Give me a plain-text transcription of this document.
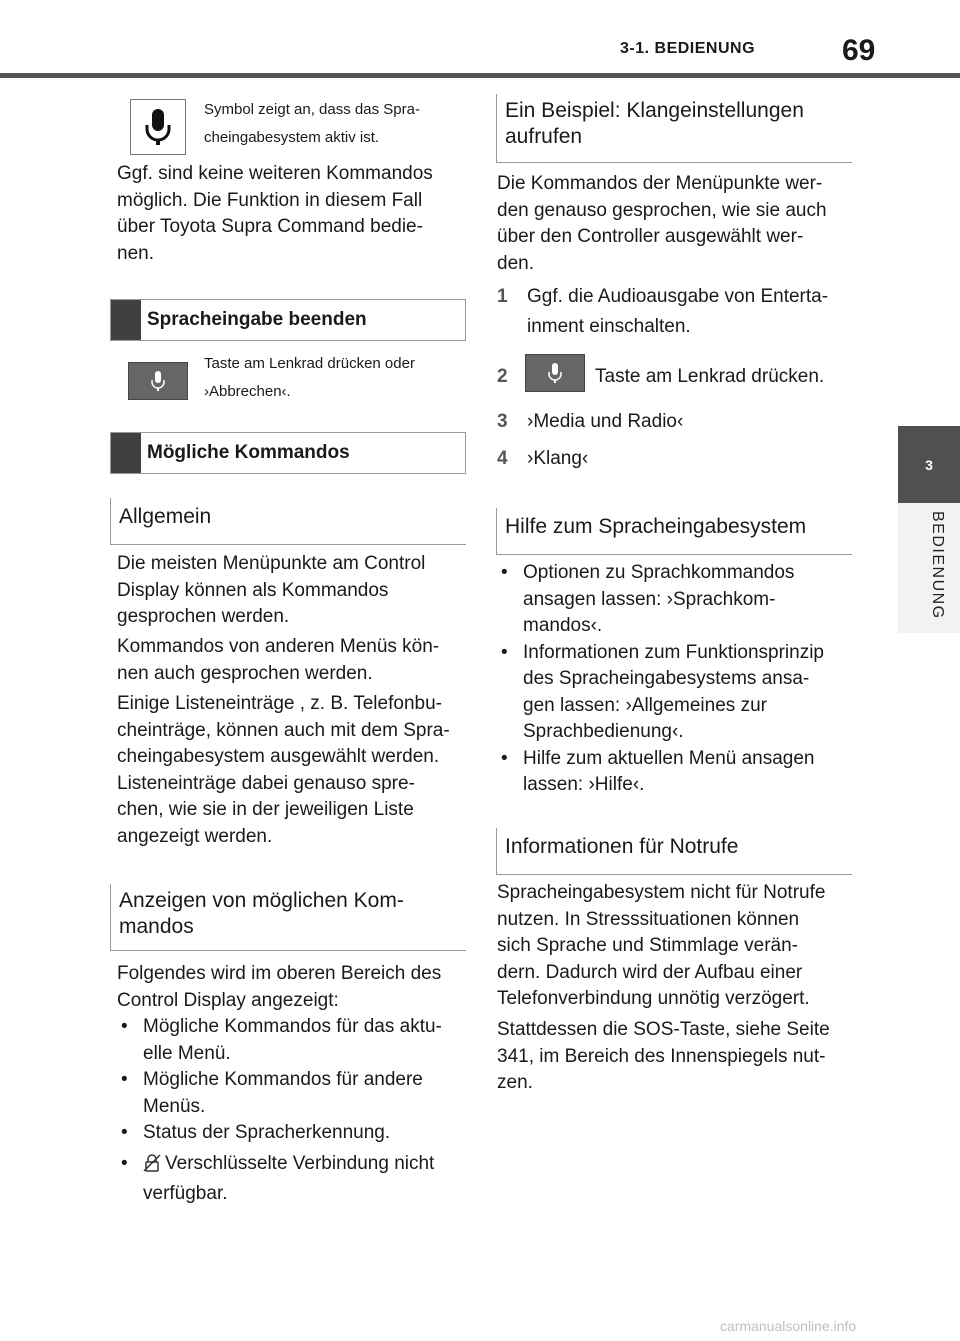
3-1. BEDIENUNG	69
3
BEDIENUNG
Symbol zeigt an, dass das Spra-
cheingabesystem aktiv ist.
Ggf. sind keine weiteren Kommandos
möglich. Die Funktion in diesem Fall
über Toyota Supra Command bedie-
nen.
Spracheingabe beenden
Taste am Lenkrad drücken oder
›Abbrechen‹.
Mögliche Kommandos
Allgemein
Die meisten Menüpunkte am Control
Display können als Kommandos
gesprochen werden.
Kommandos von anderen Menüs kön-
nen auch gesprochen werden.
Einige Listeneinträge , z. B. Telefonbu-
cheinträge, können auch mit dem Spra-
cheingabesystem ausgewählt werden.
Listeneinträge dabei genauso spre-
chen, wie sie in der jeweiligen Liste
angezeigt werden.
Anzeigen von möglichen Kom-
mandos
Folgendes wird im oberen Bereich des
Control Display angezeigt:
• Mögliche Kommandos für das aktu-
elle Menü.
• Mögliche Kommandos für andere
Menüs.
• Status der Spracherkennung.
• Verschlüsselte Verbindung nicht
verfügbar.
Ein Beispiel: Klangeinstellungen
aufrufen
Die Kommandos der Menüpunkte wer-
den genauso gesprochen, wie sie auch
über den Controller ausgewählt wer-
den.
1 Ggf. die Audioausgabe von Enterta-
inment einschalten.
2	Taste am Lenkrad drücken.
3	›Media und Radio‹
4	›Klang‹
Hilfe zum Spracheingabesystem
• Optionen zu Sprachkommandos
ansagen lassen: ›Sprachkom-
mandos‹.
• Informationen zum Funktionsprinzip
des Spracheingabesystems ansa-
gen lassen: ›Allgemeines zur
Sprachbedienung‹.
• Hilfe zum aktuellen Menü ansagen
lassen: ›Hilfe‹.
Informationen für Notrufe
Spracheingabesystem nicht für Notrufe
nutzen. In Stresssituationen können
sich Sprache und Stimmlage verän-
dern. Dadurch wird der Aufbau einer
Telefonverbindung unnötig verzögert.
Stattdessen die SOS-Taste, siehe Seite
341, im Bereich des Innenspiegels nut-
zen.
carmanualsonline.info
